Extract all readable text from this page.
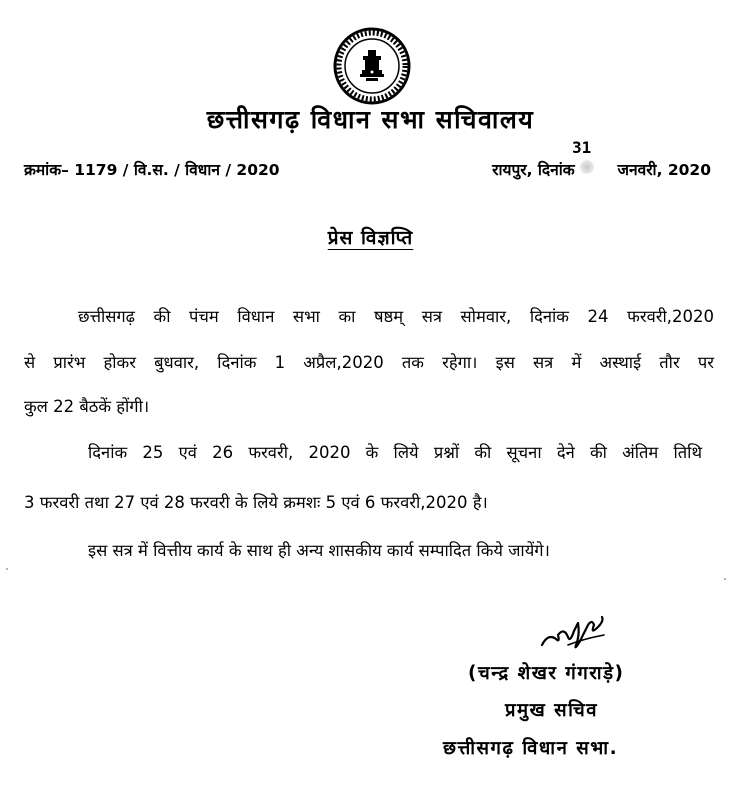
छत्तीसगढ़ विधान सभा सचिवालय
क्रमांक– 1179 / वि.स. / विधान / 2020	रायपुर, दिनांक	जनवरी, 2020
31
प्रेस विज्ञप्ति
छत्तीसगढ़ की पंचम विधान सभा का षष्ठम् सत्र सोमवार, दिनांक 24 फरवरी,2020
से प्रारंभ होकर बुधवार, दिनांक 1 अप्रैल,2020 तक रहेगा। इस सत्र में अस्थाई तौर पर
कुल 22 बैठकें होंगी।
दिनांक 25 एवं 26 फरवरी, 2020 के लिये प्रश्नों की सूचना देने की अंतिम तिथि
3 फरवरी तथा 27 एवं 28 फरवरी के लिये क्रमशः 5 एवं 6 फरवरी,2020 है।
इस सत्र में वित्तीय कार्य के साथ ही अन्य शासकीय कार्य सम्पादित किये जायेंगे।
(चन्द्र शेखर गंगराड़े)
प्रमुख सचिव
छत्तीसगढ़ विधान सभा.
